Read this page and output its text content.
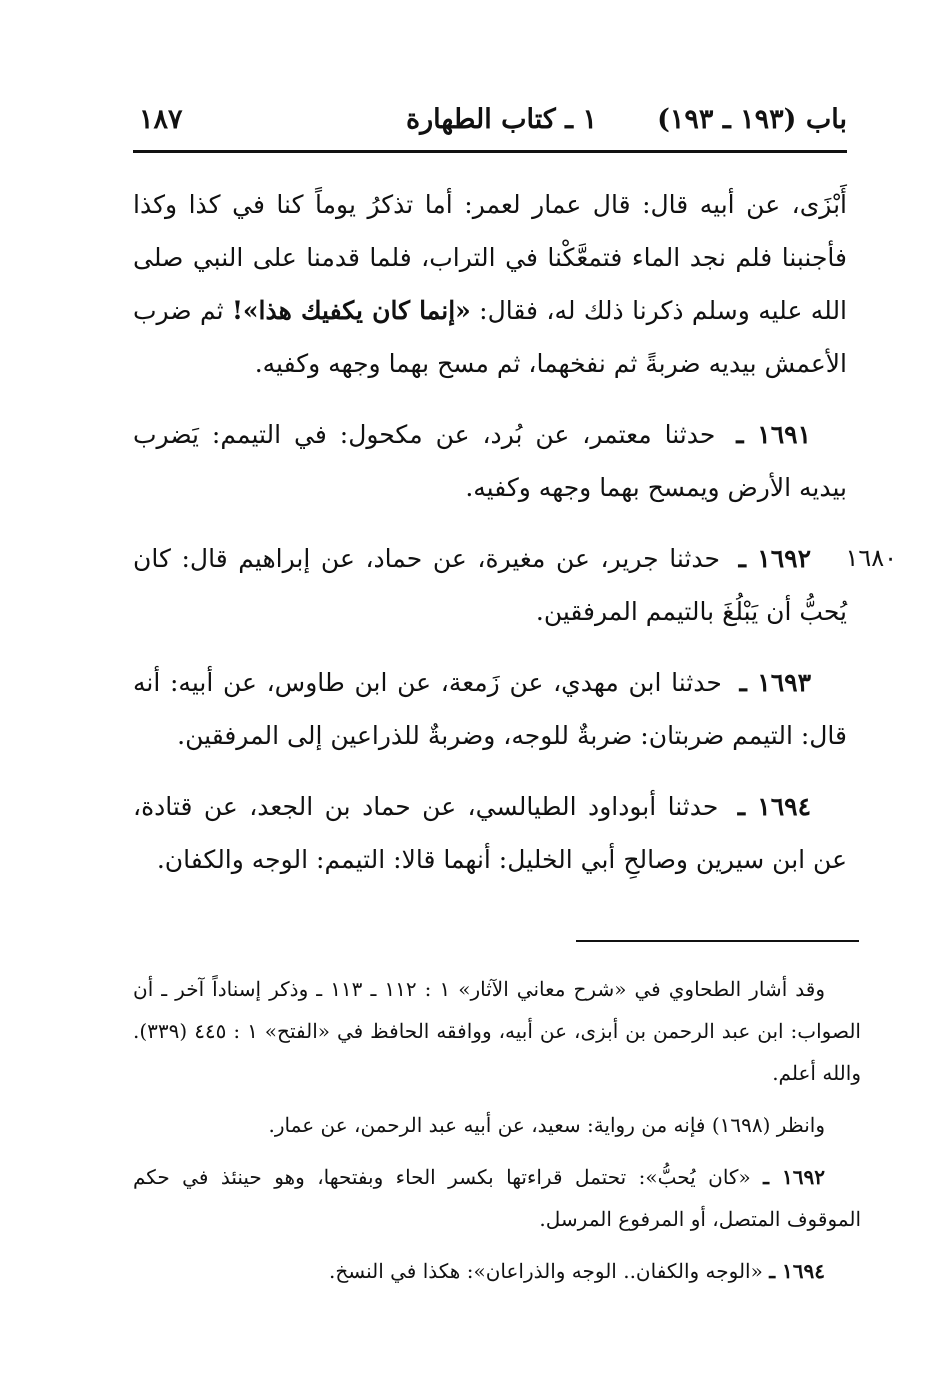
باب (١٩٣ ـ ١٩٣)
١ ـ كتاب الطهارة
١٨٧

أَبْزَى، عن أبيه قال: قال عمار لعمر: أما تذكرُ يوماً كنا في كذا وكذا فأجنبنا فلم نجد الماء فتمعَّكْنا في التراب، فلما قدمنا على النبي صلى الله عليه وسلم ذكرنا ذلك له، فقال: «إنما كان يكفيك هذا»! ثم ضرب الأعمش بيديه ضربةً ثم نفخهما، ثم مسح بهما وجهه وكفيه.

١٦٩١ ـ حدثنا معتمر، عن بُرد، عن مكحول: في التيمم: يَضرب بيديه الأرض ويمسح بهما وجهه وكفيه.

١٦٨٠
١٦٩٢ ـ حدثنا جرير، عن مغيرة، عن حماد، عن إبراهيم قال: كان يُحبُّ أن يَبْلُغَ بالتيمم المرفقين.

١٦٩٣ ـ حدثنا ابن مهدي، عن زَمعة، عن ابن طاوس، عن أبيه: أنه قال: التيمم ضربتان: ضربةٌ للوجه، وضربةٌ للذراعين إلى المرفقين.

١٦٩٤ ـ حدثنا أبوداود الطيالسي، عن حماد بن الجعد، عن قتادة، عن ابن سيرين وصالحِ أبي الخليل: أنهما قالا: التيمم: الوجه والكفان.

وقد أشار الطحاوي في «شرح معاني الآثار» ١ : ١١٢ ـ ١١٣ ـ وذكر إسناداً آخر ـ أن الصواب: ابن عبد الرحمن بن أبزى، عن أبيه، ووافقه الحافظ في «الفتح» ١ : ٤٤٥ (٣٣٩). والله أعلم.

وانظر (١٦٩٨) فإنه من رواية: سعيد، عن أبيه عبد الرحمن، عن عمار.

١٦٩٢ ـ «كان يُحبُّ»: تحتمل قراءتها بكسر الحاء وبفتحها، وهو حينئذ في حكم الموقوف المتصل، أو المرفوع المرسل.

١٦٩٤ ـ «الوجه والكفان.. الوجه والذراعان»: هكذا في النسخ.
